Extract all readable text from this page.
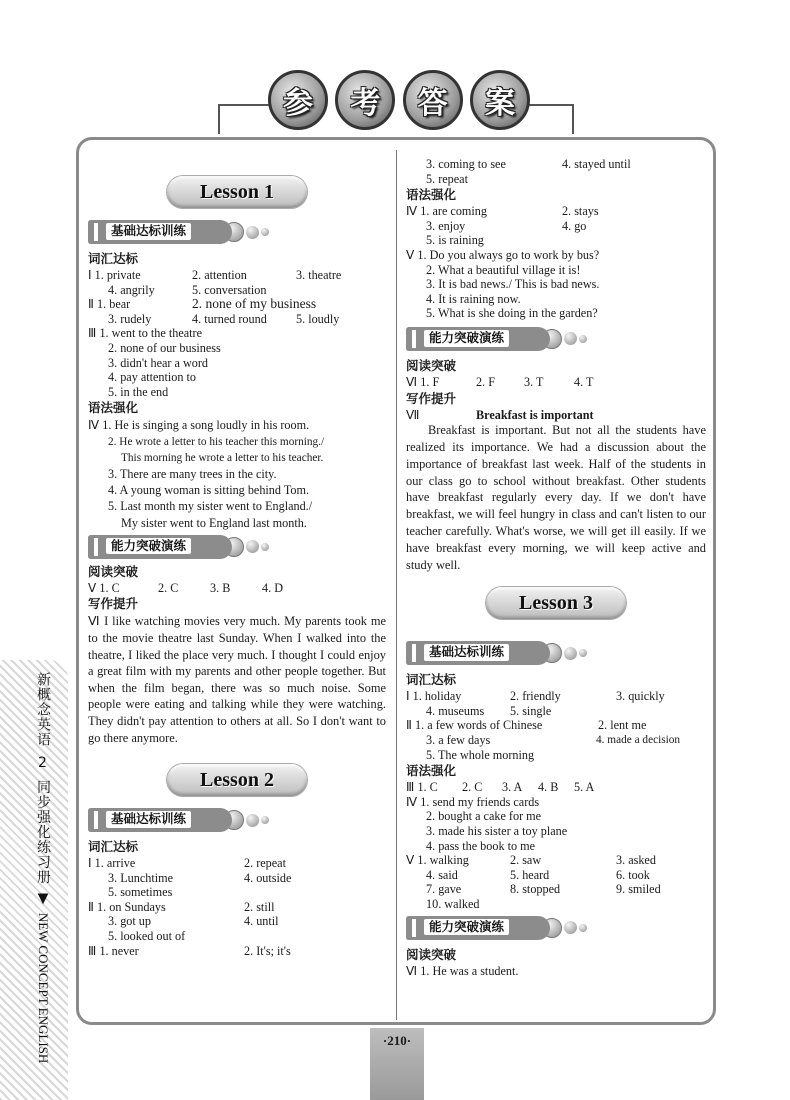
参 考 答 案
新概念英语 2 同步强化练习册 ▼ NEW CONCEPT ENGLISH	·210·
Lesson 1
基础达标训练
词汇达标
Ⅰ 1. private	2. attention	3. theatre
4. angrily	5. conversation
Ⅱ 1. bear	2. none of my business
3. rudely	4. turned round	5. loudly
Ⅲ 1. went to the theatre
2. none of our business
3. didn't hear a word
4. pay attention to
5. in the end
语法强化
Ⅳ 1. He is singing a song loudly in his room.
2. He wrote a letter to his teacher this morning./
This morning he wrote a letter to his teacher.
3. There are many trees in the city.
4. A young woman is sitting behind Tom.
5. Last month my sister went to England./
My sister went to England last month.
能力突破演练
阅读突破
Ⅴ 1. C	2. C	3. B	4. D
写作提升
Ⅵ I like watching movies very much. My parents took me to the movie theatre last Sunday. When I walked into the theatre, I liked the place very much. I thought I could enjoy a great film with my parents and other people together. But when the film began, there was so much noise. Some people were eating and talking while they were watching. They didn't pay attention to others at all. So I don't want to go there anymore.
Lesson 2
基础达标训练
词汇达标
Ⅰ 1. arrive	2. repeat
3. Lunchtime	4. outside
5. sometimes
Ⅱ 1. on Sundays	2. still
3. got up	4. until
5. looked out of
Ⅲ 1. never	2. It's; it's
3. coming to see	4. stayed until
5. repeat
语法强化
Ⅳ 1. are coming	2. stays
3. enjoy	4. go
5. is raining
Ⅴ 1. Do you always go to work by bus?
2. What a beautiful village it is!
3. It is bad news./ This is bad news.
4. It is raining now.
5. What is she doing in the garden?
能力突破演练
阅读突破
Ⅵ 1. F	2. F	3. T	4. T
写作提升
Ⅶ	Breakfast is important
Breakfast is important. But not all the students have realized its importance. We had a discussion about the importance of breakfast last week. Half of the students in our class go to school without breakfast. Other students have breakfast regularly every day. If we don't have breakfast, we will feel hungry in class and can't listen to our teacher carefully. What's worse, we will get ill easily. If we have breakfast every morning, we will keep active and study well.
Lesson 3
基础达标训练
词汇达标
Ⅰ 1. holiday	2. friendly	3. quickly
4. museums	5. single
Ⅱ 1. a few words of Chinese	2. lent me
3. a few days	4. made a decision
5. The whole morning
语法强化
Ⅲ 1. C	2. C	3. A	4. B	5. A
Ⅳ 1. send my friends cards
2. bought a cake for me
3. made his sister a toy plane
4. pass the book to me
Ⅴ 1. walking	2. saw	3. asked
4. said	5. heard	6. took
7. gave	8. stopped	9. smiled
10. walked
能力突破演练
阅读突破
Ⅵ 1. He was a student.
